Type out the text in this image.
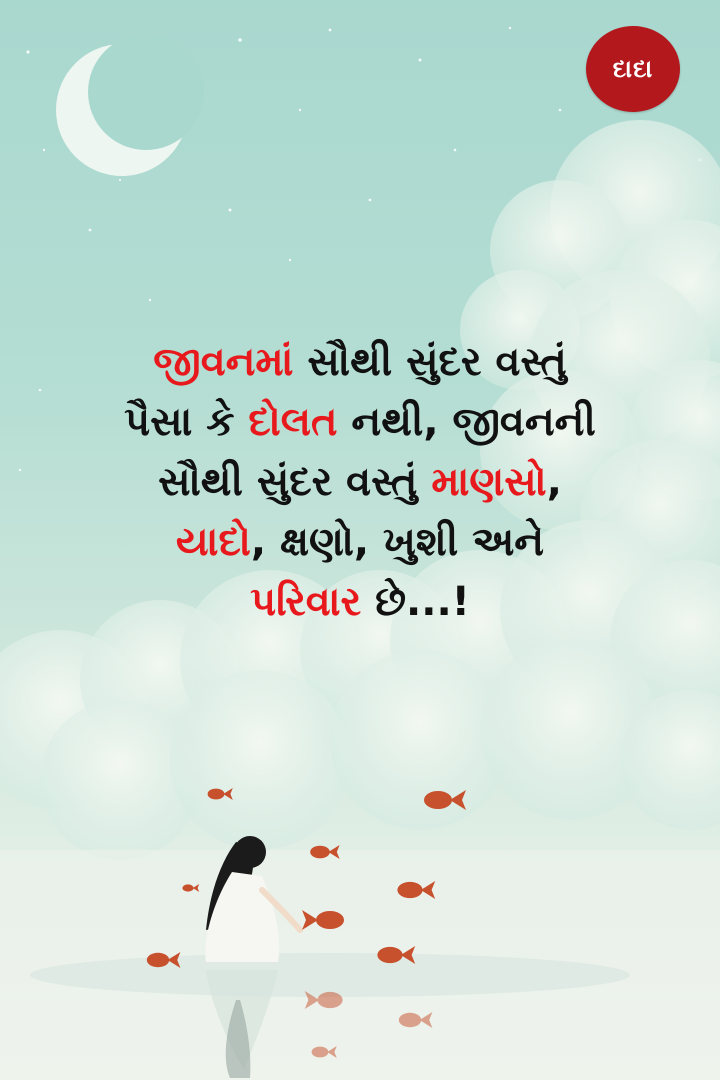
દાદા
જીવનમાં સૌથી સુંદર વસ્તું
પૈસા કે દોલત નથી, જીવનની
સૌથી સુંદર વસ્તું માણસો,
યાદો, ક્ષણો, ખુશી અને
પરિવાર છે...!
